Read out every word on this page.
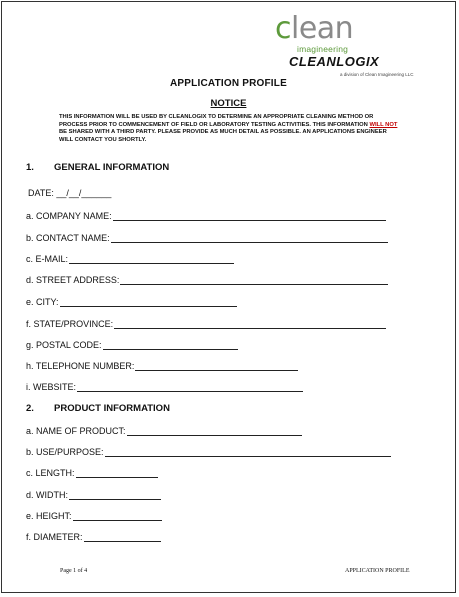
clean
imagineering
CLEANLOGIX
a division of Clean Imagineering LLC
APPLICATION PROFILE
NOTICE
THIS INFORMATION WILL BE USED BY CLEANLOGIX TO DETERMINE AN APPROPRIATE CLEANING METHOD OR PROCESS PRIOR TO COMMENCEMENT OF FIELD OR LABORATORY TESTING ACTIVITIES. THIS INFORMATION WILL NOT BE SHARED WITH A THIRD PARTY. PLEASE PROVIDE AS MUCH DETAIL AS POSSIBLE. AN APPLICATIONS ENGINEER WILL CONTACT YOU SHORTLY.
1. GENERAL INFORMATION
DATE: __/__/______
a. COMPANY NAME:
b. CONTACT NAME:
c. E-MAIL:
d. STREET ADDRESS:
e. CITY:
f. STATE/PROVINCE:
g. POSTAL CODE:
h. TELEPHONE NUMBER:
i. WEBSITE:
2. PRODUCT INFORMATION
a. NAME OF PRODUCT:
b. USE/PURPOSE:
c. LENGTH:
d. WIDTH:
e. HEIGHT:
f. DIAMETER:
Page 1 of 4	APPLICATION PROFILE
